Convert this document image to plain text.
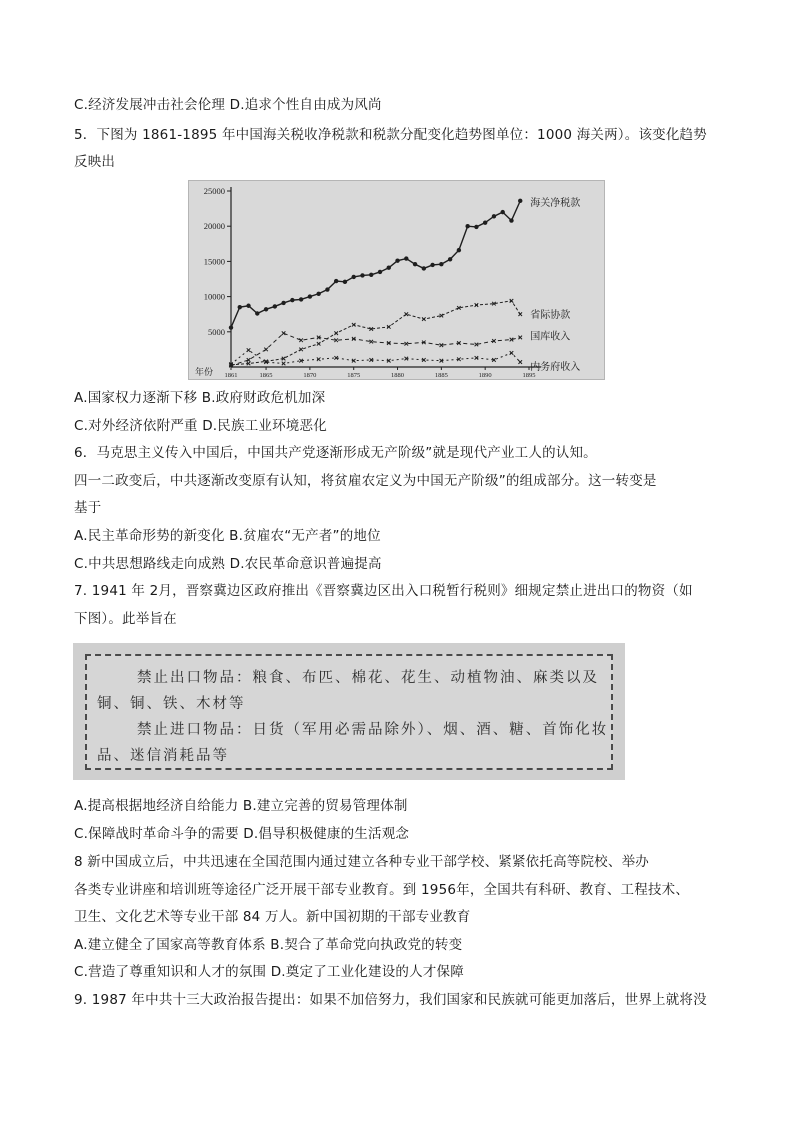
C.经济发展冲击社会伦理 D.追求个性自由成为风尚
5．下图为 1861-1895 年中国海关税收净税款和税款分配变化趋势图单位：1000 海关两）。该变化趋势
反映出
25000
20000
15000
10000
5000
1861	1865	1870	1875	1880	1885	1890	1895
年份
海关净税款
省际协款
国库收入
内务府收入
A.国家权力逐渐下移 B.政府财政危机加深
C.对外经济依附严重 D.民族工业环境恶化
6．马克思主义传入中国后，中国共产党逐渐形成无产阶级”就是现代产业工人的认知。
四一二政变后，中共逐渐改变原有认知，将贫雇农定义为中国无产阶级”的组成部分。这一转变是
基于
A.民主革命形势的新变化 B.贫雇农“无产者”的地位
C.中共思想路线走向成熟 D.农民革命意识普遍提高
7. 1941 年 2月，晋察冀边区政府推出《晋察冀边区出入口税暂行税则》细规定禁止进出口的物资（如
下图）。此举旨在
禁止出口物品：粮食、布匹、棉花、花生、动植物油、麻类以及
铜、铜、铁、木材等
禁止进口物品：日货（军用必需品除外）、烟、酒、糖、首饰化妆
品、迷信消耗品等
A.提高根据地经济自给能力 B.建立完善的贸易管理体制
C.保障战时革命斗争的需要 D.倡导积极健康的生活观念
8 新中国成立后，中共迅速在全国范围内通过建立各种专业干部学校、紧紧依托高等院校、举办
各类专业讲座和培训班等途径广泛开展干部专业教育。到 1956年，全国共有科研、教育、工程技术、
卫生、文化艺术等专业干部 84 万人。新中国初期的干部专业教育
A.建立健全了国家高等教育体系 B.契合了革命党向执政党的转变
C.营造了尊重知识和人才的氛围 D.奠定了工业化建设的人才保障
9. 1987 年中共十三大政治报告提出：如果不加倍努力，我们国家和民族就可能更加落后，世界上就将没
